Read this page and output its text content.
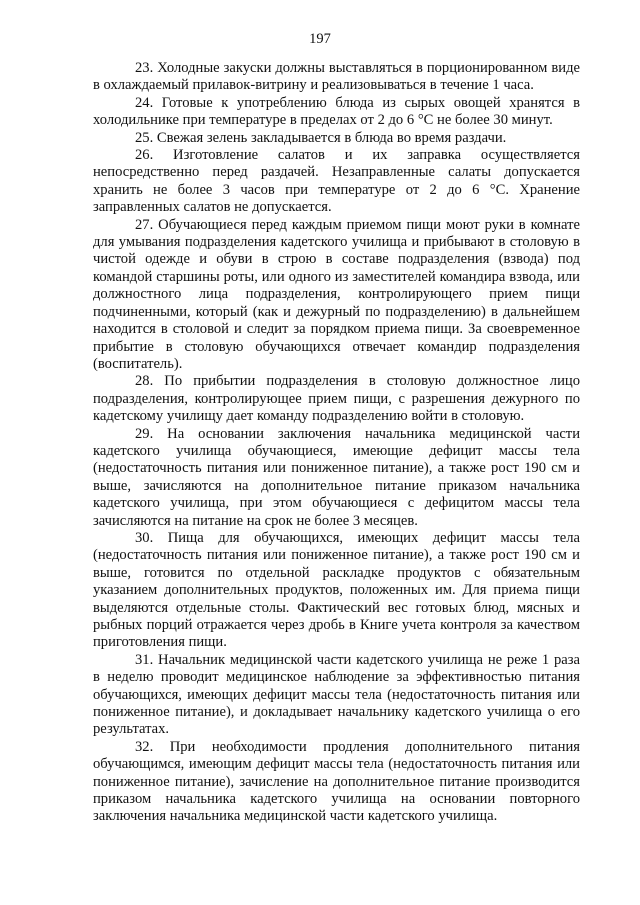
197

23. Холодные закуски должны выставляться в порционированном виде в охлаждаемый прилавок-витрину и реализовываться в течение 1 часа.

24. Готовые к употреблению блюда из сырых овощей хранятся в холодильнике при температуре в пределах от 2 до 6 °С не более 30 минут.

25. Свежая зелень закладывается в блюда во время раздачи.

26. Изготовление салатов и их заправка осуществляется непосредственно перед раздачей. Незаправленные салаты допускается хранить не более 3 часов при температуре от 2 до 6 °С. Хранение заправленных салатов не допускается.

27. Обучающиеся перед каждым приемом пищи моют руки в комнате для умывания подразделения кадетского училища и прибывают в столовую в чистой одежде и обуви в строю в составе подразделения (взвода) под командой старшины роты, или одного из заместителей командира взвода, или должностного лица подразделения, контролирующего прием пищи подчиненными, который (как и дежурный по подразделению) в дальнейшем находится в столовой и следит за порядком приема пищи. За своевременное прибытие в столовую обучающихся отвечает командир подразделения (воспитатель).

28. По прибытии подразделения в столовую должностное лицо подразделения, контролирующее прием пищи, с разрешения дежурного по кадетскому училищу дает команду подразделению войти в столовую.

29. На основании заключения начальника медицинской части кадетского училища обучающиеся, имеющие дефицит массы тела (недостаточность питания или пониженное питание), а также рост 190 см и выше, зачисляются на дополнительное питание приказом начальника кадетского училища, при этом обучающиеся с дефицитом массы тела зачисляются на питание на срок не более 3 месяцев.

30. Пища для обучающихся, имеющих дефицит массы тела (недостаточность питания или пониженное питание), а также рост 190 см и выше, готовится по отдельной раскладке продуктов с обязательным указанием дополнительных продуктов, положенных им. Для приема пищи выделяются отдельные столы. Фактический вес готовых блюд, мясных и рыбных порций отражается через дробь в Книге учета контроля за качеством приготовления пищи.

31. Начальник медицинской части кадетского училища не реже 1 раза в неделю проводит медицинское наблюдение за эффективностью питания обучающихся, имеющих дефицит массы тела (недостаточность питания или пониженное питание), и докладывает начальнику кадетского училища о его результатах.

32. При необходимости продления дополнительного питания обучающимся, имеющим дефицит массы тела (недостаточность питания или пониженное питание), зачисление на дополнительное питание производится приказом начальника кадетского училища на основании повторного заключения начальника медицинской части кадетского училища.
